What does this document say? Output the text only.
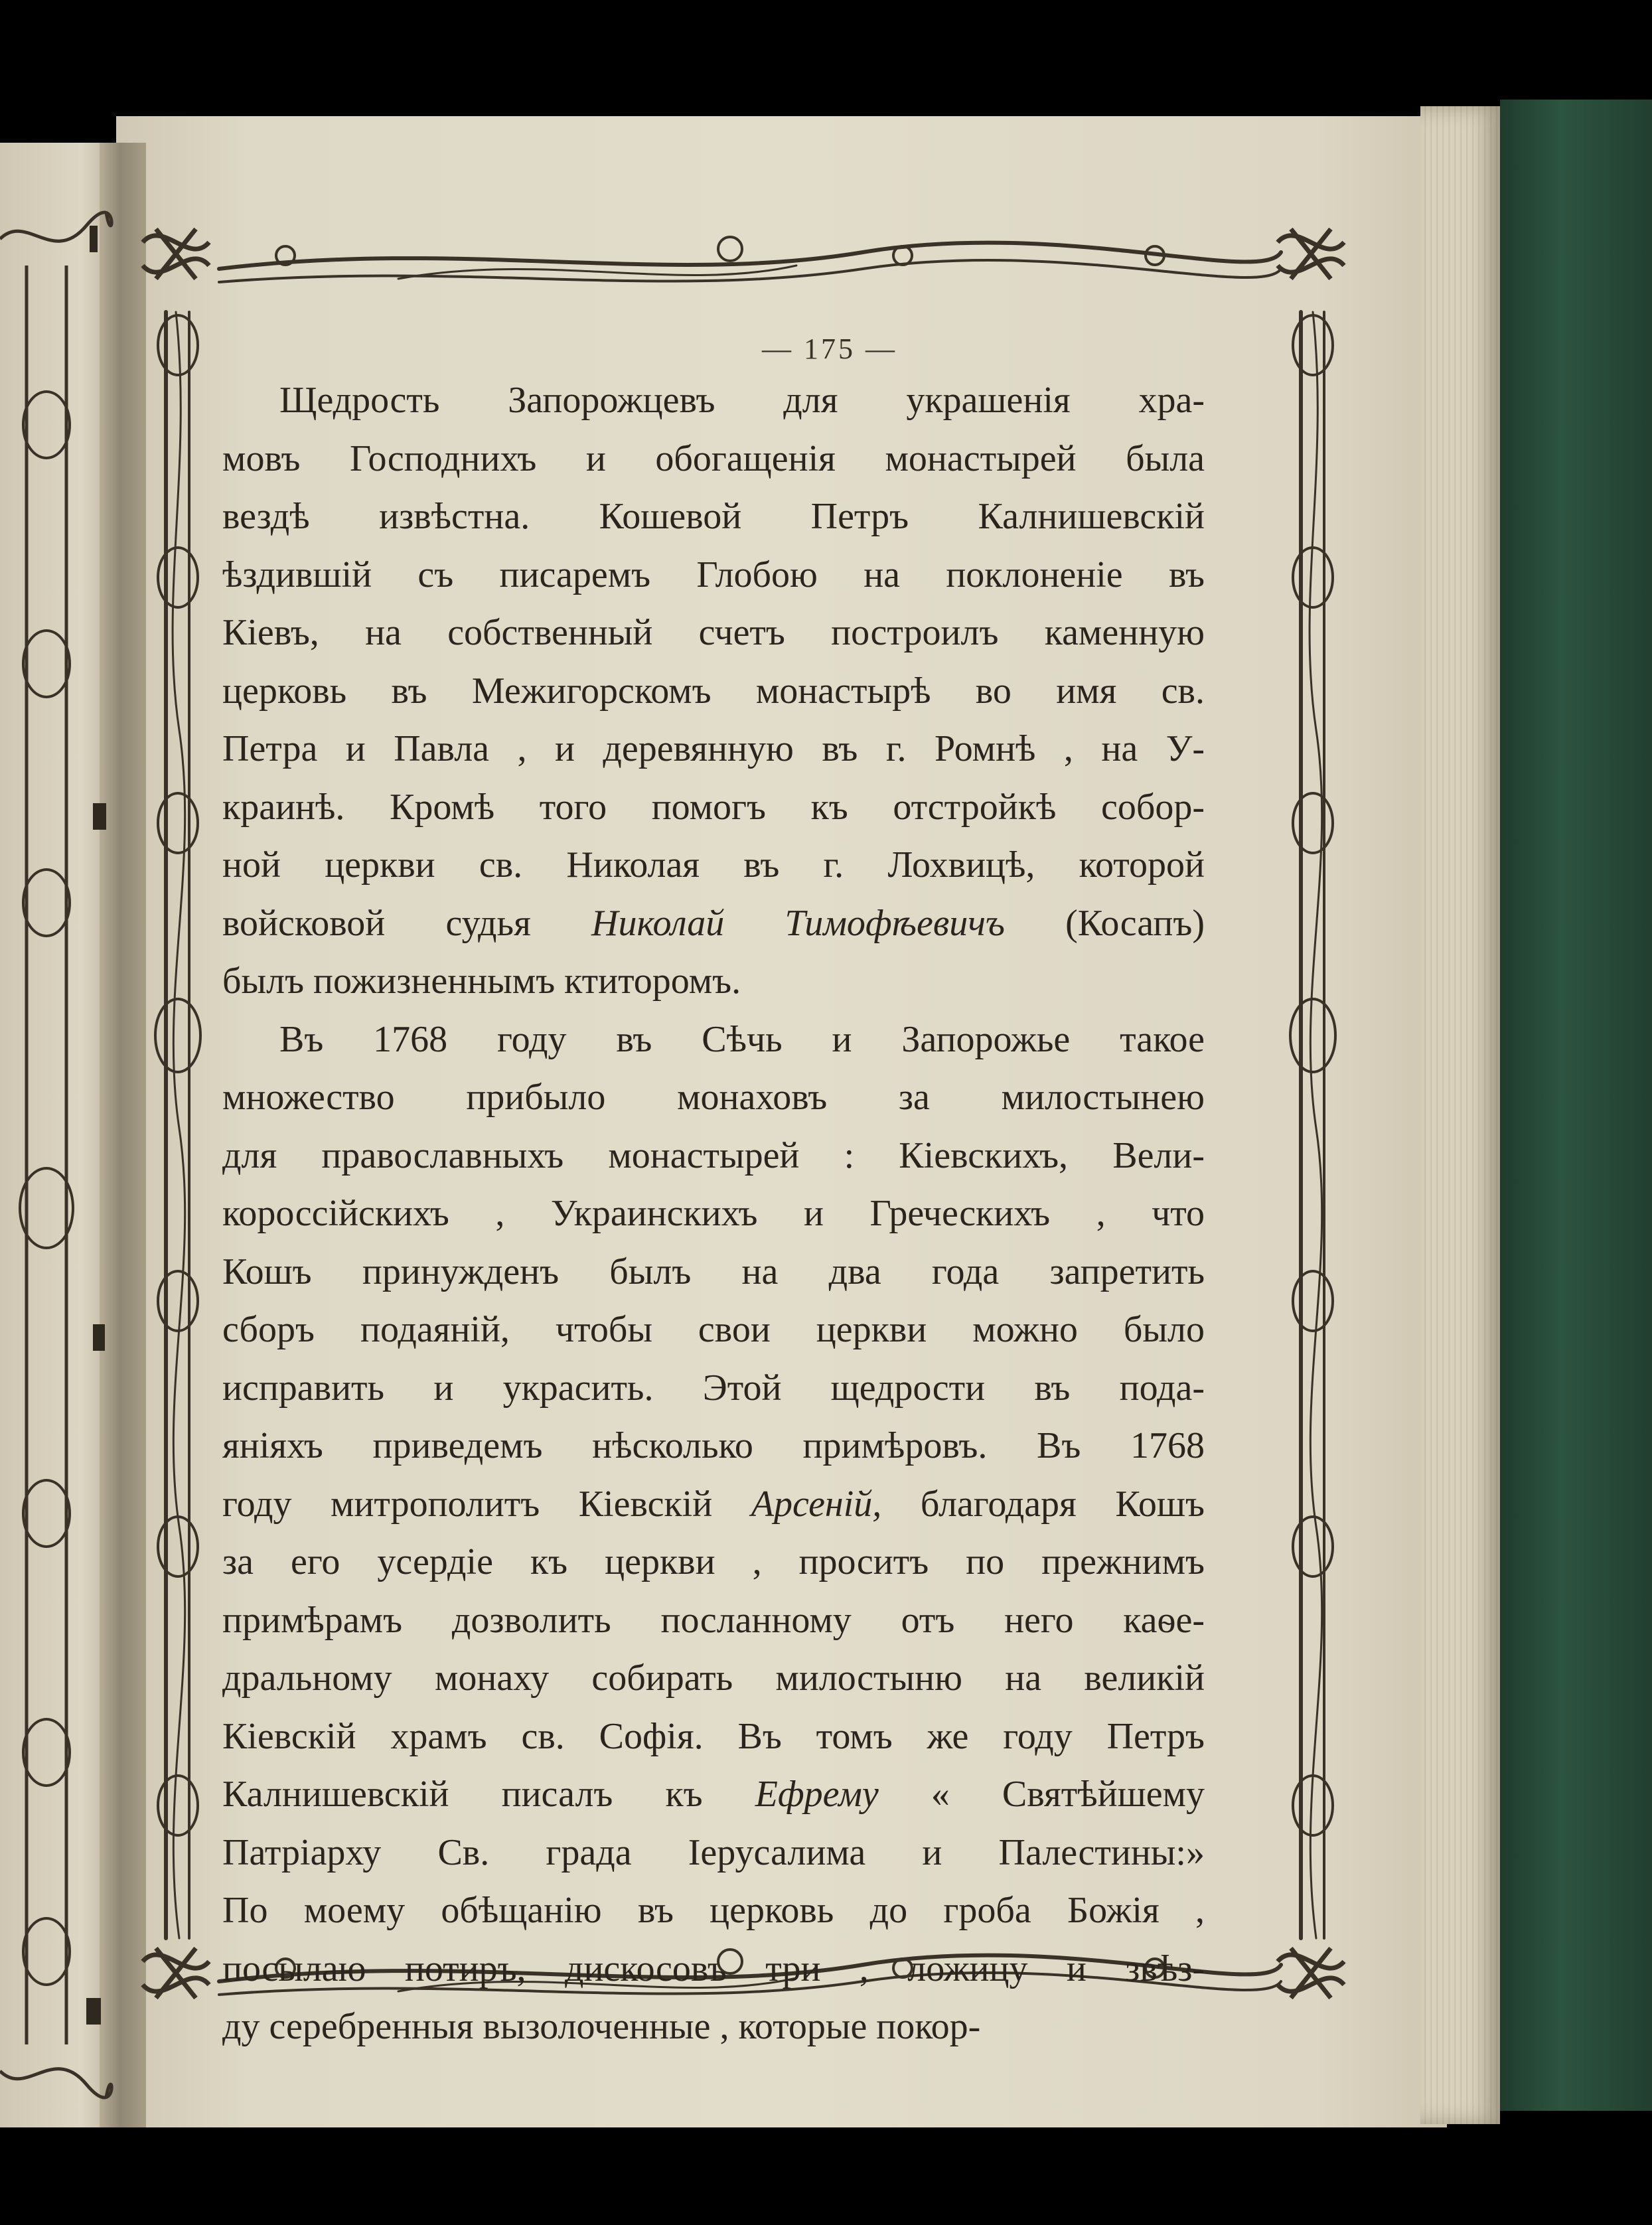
— 175 —
Щедрость Запорожцевъ для украшенія хра-
мовъ Господнихъ и обогащенія монастырей была
вездѣ извѣстна. Кошевой Петръ Калнишевскій
ѣздившій съ писаремъ Глобою на поклоненіе въ
Кіевъ, на собственный счетъ построилъ каменную
церковь въ Межигорскомъ монастырѣ во имя св.
Петра и Павла , и деревянную въ г. Ромнѣ , на У-
краинѣ. Кромѣ того помогъ къ отстройкѣ собор-
ной церкви св. Николая въ г. Лохвицѣ, которой
войсковой судья Николай Тимофѣевичъ (Косапъ)
былъ пожизненнымъ ктиторомъ.
Въ 1768 году въ Сѣчь и Запорожье такое
множество прибыло монаховъ за милостынею
для православныхъ монастырей : Кіевскихъ, Вели-
короссійскихъ , Украинскихъ и Греческихъ , что
Кошъ принужденъ былъ на два года запретить
сборъ подаяній, чтобы свои церкви можно было
исправить и украсить. Этой щедрости въ пода-
яніяхъ приведемъ нѣсколько примѣровъ. Въ 1768
году митрополитъ Кіевскій Арсеній, благодаря Кошъ
за его усердіе къ церкви , проситъ по прежнимъ
примѣрамъ дозволить посланному отъ него каѳе-
дральному монаху собирать милостыню на великій
Кіевскій храмъ св. Софія. Въ томъ же году Петръ
Калнишевскій писалъ къ Ефрему « Святѣйшему
Патріарху Св. града Іерусалима и Палестины:»
По моему обѣщанію въ церковь до гроба Божія ,
посылаю потиръ, дискосовъ три , ложицу и звѣз-
ду серебренныя вызолоченные , которые покор-
